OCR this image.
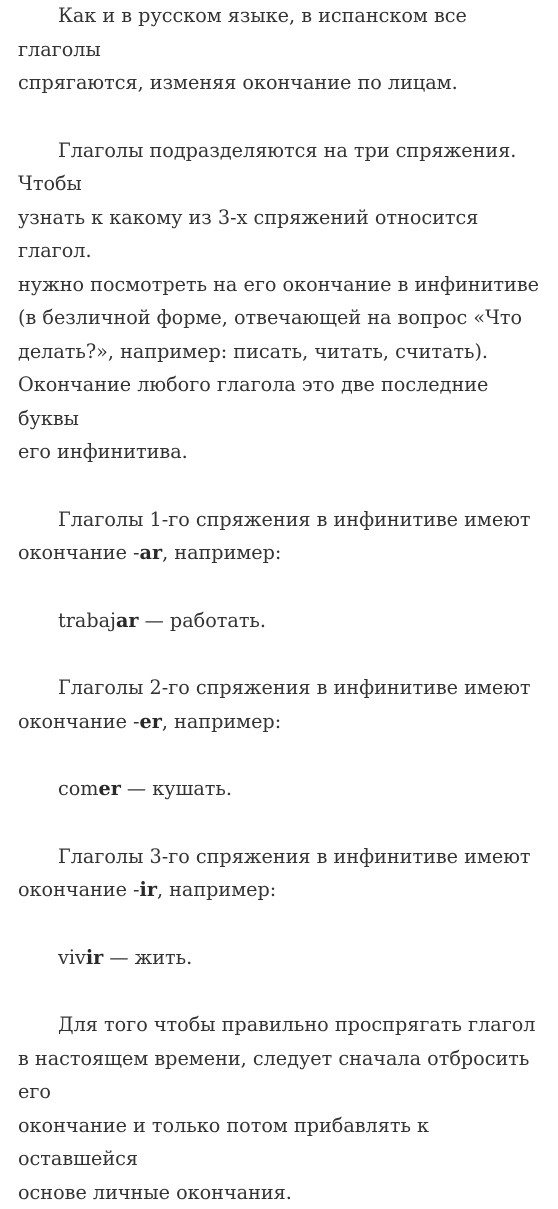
Как и в русском языке, в испанском все глаголы
спрягаются, изменяя окончание по лицам.

Глаголы подразделяются на три спряжения. Чтобы
узнать к какому из 3-х спряжений относится глагол.
нужно посмотреть на его окончание в инфинитиве
(в безличной форме, отвечающей на вопрос «Что
делать?», например: писать, читать, считать).
Окончание любого глагола это две последние буквы
его инфинитива.

Глаголы 1-го спряжения в инфинитиве имеют
окончание -ar, например:

trabajar — работать.

Глаголы 2-го спряжения в инфинитиве имеют
окончание -er, например:

comer — кушать.

Глаголы 3-го спряжения в инфинитиве имеют
окончание -ir, например:

vivir — жить.

Для того чтобы правильно проспрягать глагол
в настоящем времени, следует сначала отбросить его
окончание и только потом прибавлять к оставшейся
основе личные окончания.
